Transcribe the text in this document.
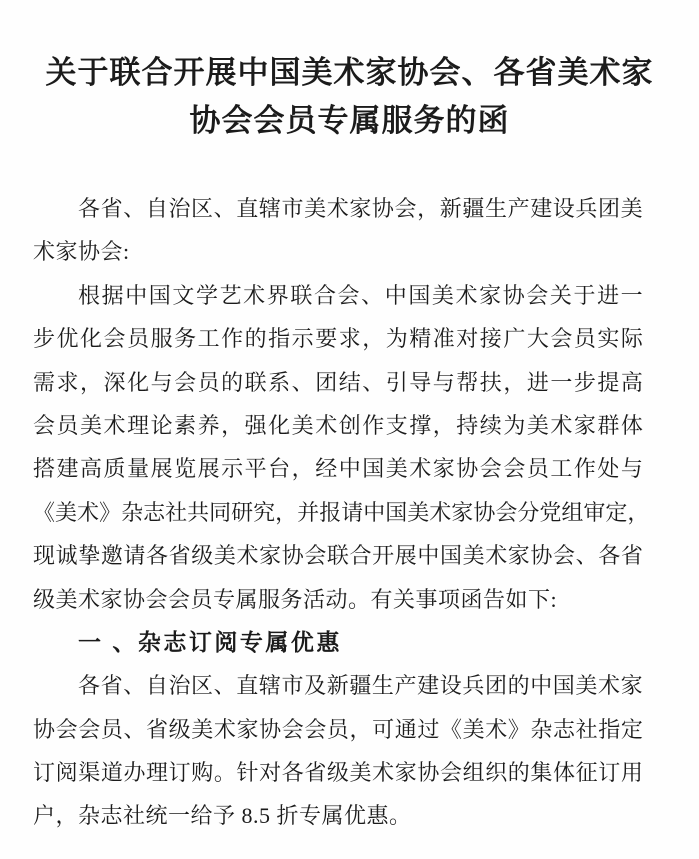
关于联合开展中国美术家协会、各省美术家
协会会员专属服务的函
各 省 、 自 治 区 、 直 辖 市 美 术 家 协 会 ， 新 疆 生 产 建 设 兵 团 美
术家协会:
根 据 中 国 文 学 艺 术 界 联 合 会 、 中 国 美 术 家 协 会 关 于 进 一
步 优 化 会 员 服 务 工 作 的 指 示 要 求 ， 为 精 准 对 接 广 大 会 员 实 际
需 求 ， 深 化 与 会 员 的 联 系 、 团 结 、 引 导 与 帮 扶 ， 进 一 步 提 高
会 员 美 术 理 论 素 养 ， 强 化 美 术 创 作 支 撑 ， 持 续 为 美 术 家 群 体
搭 建 高 质 量 展 览 展 示 平 台 ， 经 中 国 美 术 家 协 会 会 员 工 作 处 与
《 美 术 》 杂 志 社 共 同 研 究 ， 并 报 请 中 国 美 术 家 协 会 分 党 组 审 定 ，
现 诚 挚 邀 请 各 省 级 美 术 家 协 会 联 合 开 展 中 国 美 术 家 协 会 、 各 省
级美术家协会会员专属服务活动。有关事项函告如下:
一 、杂志订阅专属优惠
各 省 、 自 治 区 、 直 辖 市 及 新 疆 生 产 建 设 兵 团 的 中 国 美 术 家
协 会 会 员 、 省 级 美 术 家 协 会 会 员 ， 可 通 过 《 美 术 》 杂 志 社 指 定
订 阅 渠 道 办 理 订 购 。 针 对 各 省 级 美 术 家 协 会 组 织 的 集 体 征 订 用
户，杂志社统一给予 8.5 折专属优惠。
